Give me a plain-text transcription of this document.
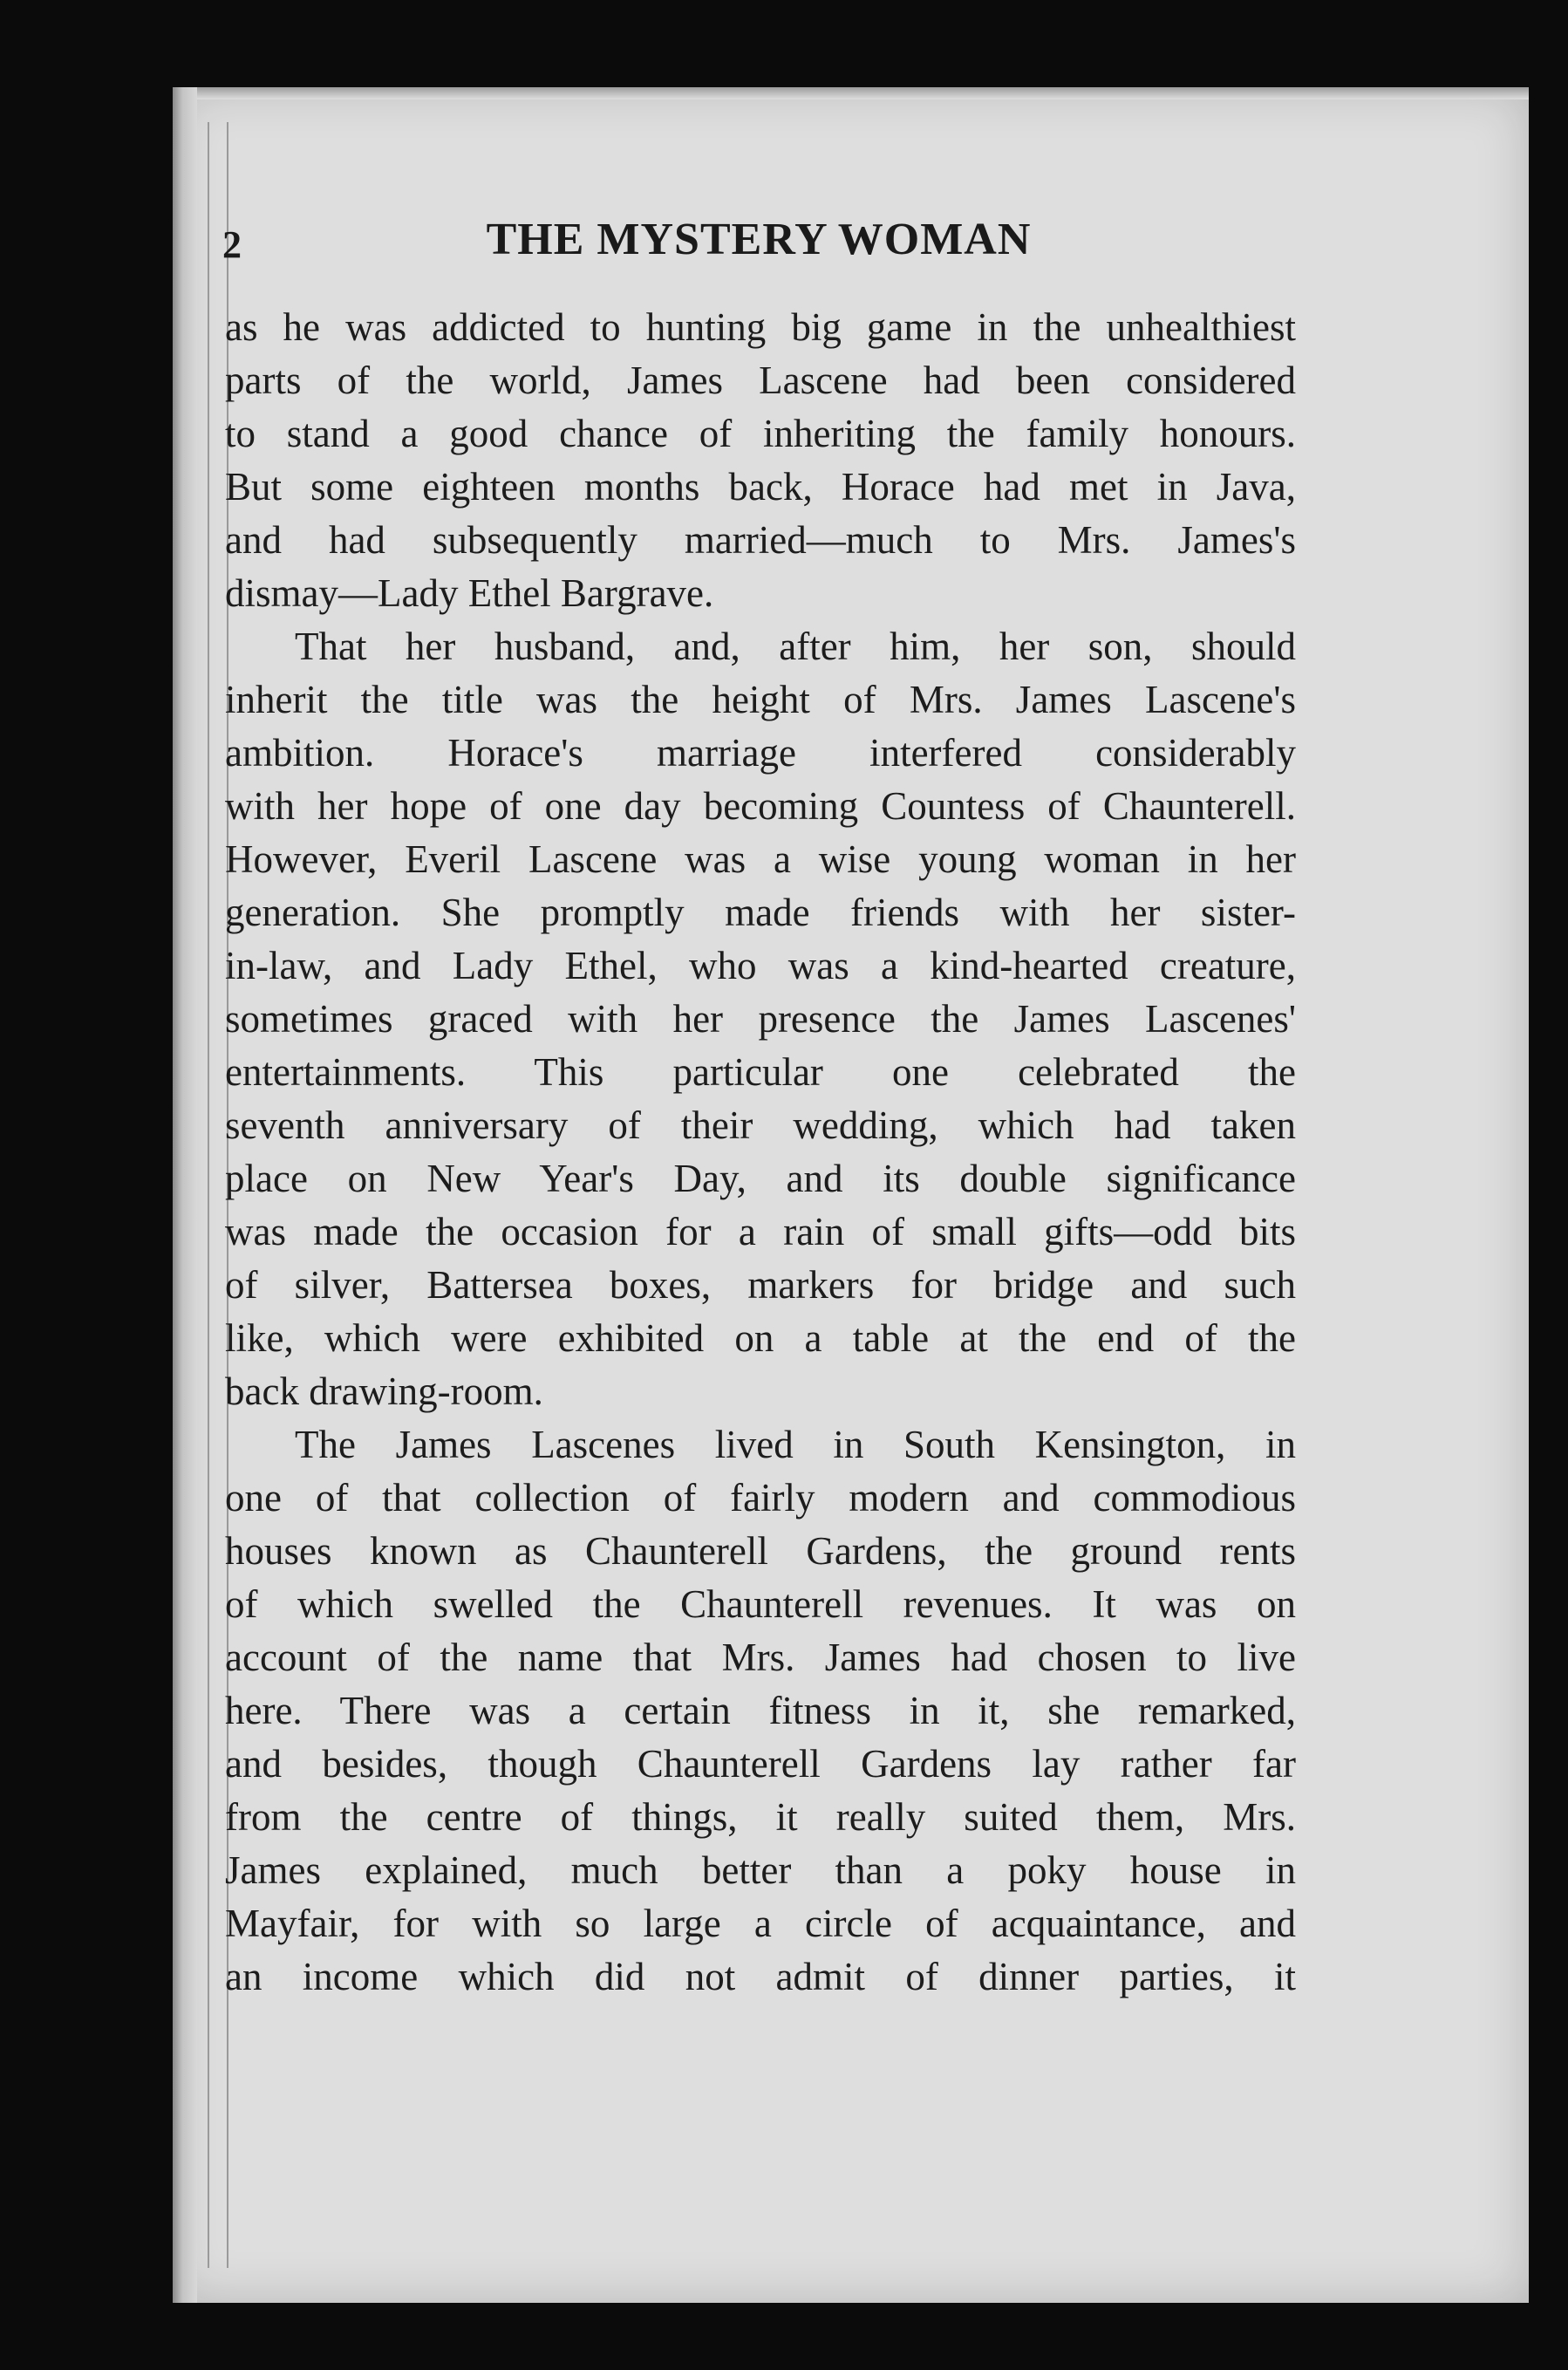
2	THE MYSTERY WOMAN
as he was addicted to hunting big game in the unhealthiest
parts of the world, James Lascene had been considered
to stand a good chance of inheriting the family honours.
But some eighteen months back, Horace had met in Java,
and had subsequently married—much to Mrs. James's
dismay—Lady Ethel Bargrave.
That her husband, and, after him, her son, should
inherit the title was the height of Mrs. James Lascene's
ambition. Horace's marriage interfered considerably
with her hope of one day becoming Countess of Chaunterell.
However, Everil Lascene was a wise young woman in her
generation. She promptly made friends with her sister-
in-law, and Lady Ethel, who was a kind-hearted creature,
sometimes graced with her presence the James Lascenes'
entertainments. This particular one celebrated the
seventh anniversary of their wedding, which had taken
place on New Year's Day, and its double significance
was made the occasion for a rain of small gifts—odd bits
of silver, Battersea boxes, markers for bridge and such
like, which were exhibited on a table at the end of the
back drawing-room.
The James Lascenes lived in South Kensington, in
one of that collection of fairly modern and commodious
houses known as Chaunterell Gardens, the ground rents
of which swelled the Chaunterell revenues. It was on
account of the name that Mrs. James had chosen to live
here. There was a certain fitness in it, she remarked,
and besides, though Chaunterell Gardens lay rather far
from the centre of things, it really suited them, Mrs.
James explained, much better than a poky house in
Mayfair, for with so large a circle of acquaintance, and
an income which did not admit of dinner parties, it
